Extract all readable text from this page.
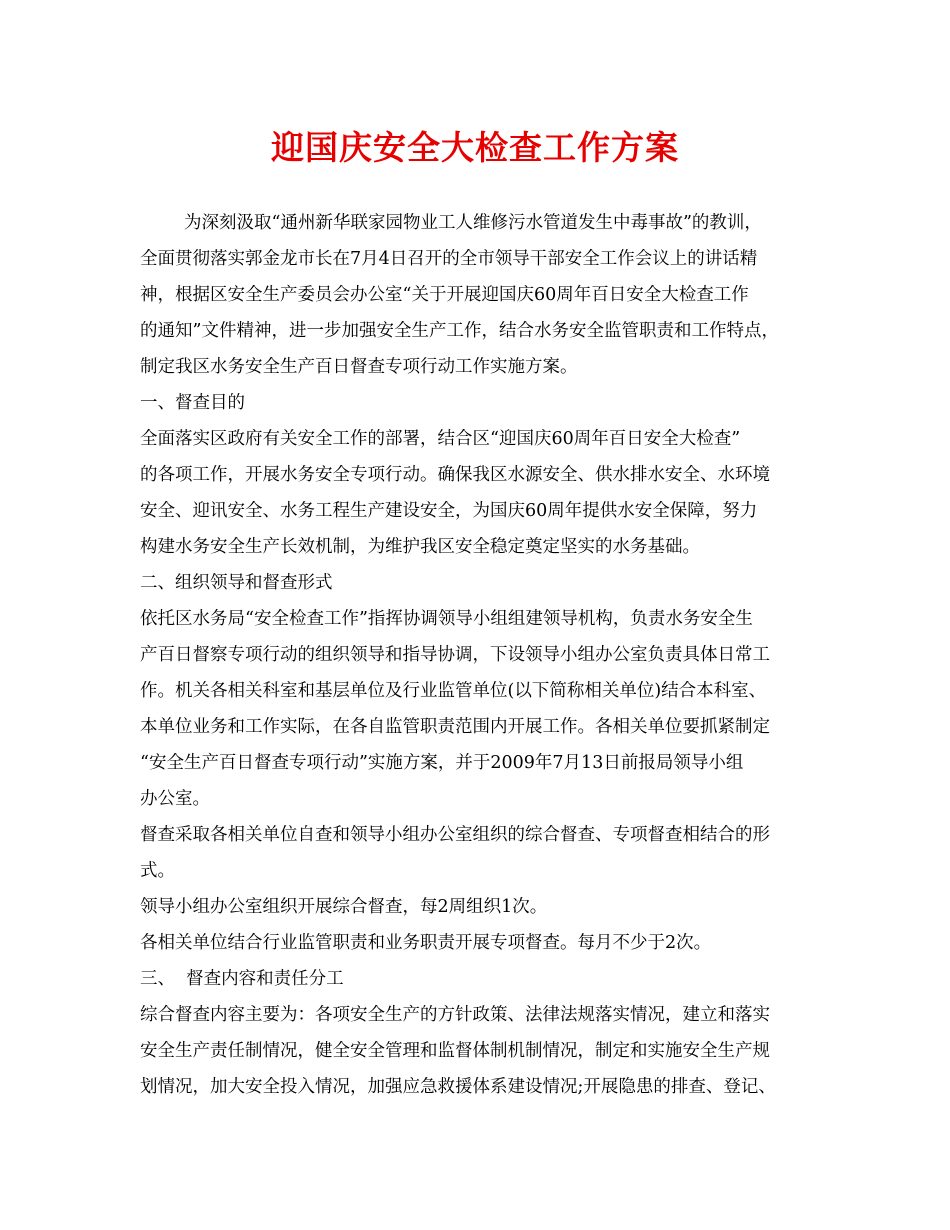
迎国庆安全大检查工作方案
为深刻汲取“通州新华联家园物业工人维修污水管道发生中毒事故”的教训，
全面贯彻落实郭金龙市长在7月4日召开的全市领导干部安全工作会议上的讲话精
神，根据区安全生产委员会办公室“关于开展迎国庆60周年百日安全大检查工作
的通知”文件精神，进一步加强安全生产工作，结合水务安全监管职责和工作特点，
制定我区水务安全生产百日督查专项行动工作实施方案。
一、督查目的
全面落实区政府有关安全工作的部署，结合区“迎国庆60周年百日安全大检查”
的各项工作，开展水务安全专项行动。确保我区水源安全、供水排水安全、水环境
安全、迎讯安全、水务工程生产建设安全，为国庆60周年提供水安全保障，努力
构建水务安全生产长效机制，为维护我区安全稳定奠定坚实的水务基础。
二、组织领导和督查形式
依托区水务局“安全检查工作”指挥协调领导小组组建领导机构，负责水务安全生
产百日督察专项行动的组织领导和指导协调，下设领导小组办公室负责具体日常工
作。机关各相关科室和基层单位及行业监管单位(以下简称相关单位)结合本科室、
本单位业务和工作实际，在各自监管职责范围内开展工作。各相关单位要抓紧制定
“安全生产百日督查专项行动”实施方案，并于2009年7月13日前报局领导小组
办公室。
督查采取各相关单位自查和领导小组办公室组织的综合督查、专项督查相结合的形
式。
领导小组办公室组织开展综合督查，每2周组织1次。
各相关单位结合行业监管职责和业务职责开展专项督查。每月不少于2次。
三、  督查内容和责任分工
综合督查内容主要为：各项安全生产的方针政策、法律法规落实情况，建立和落实
安全生产责任制情况，健全安全管理和监督体制机制情况，制定和实施安全生产规
划情况，加大安全投入情况，加强应急救援体系建设情况;开展隐患的排查、登记、
